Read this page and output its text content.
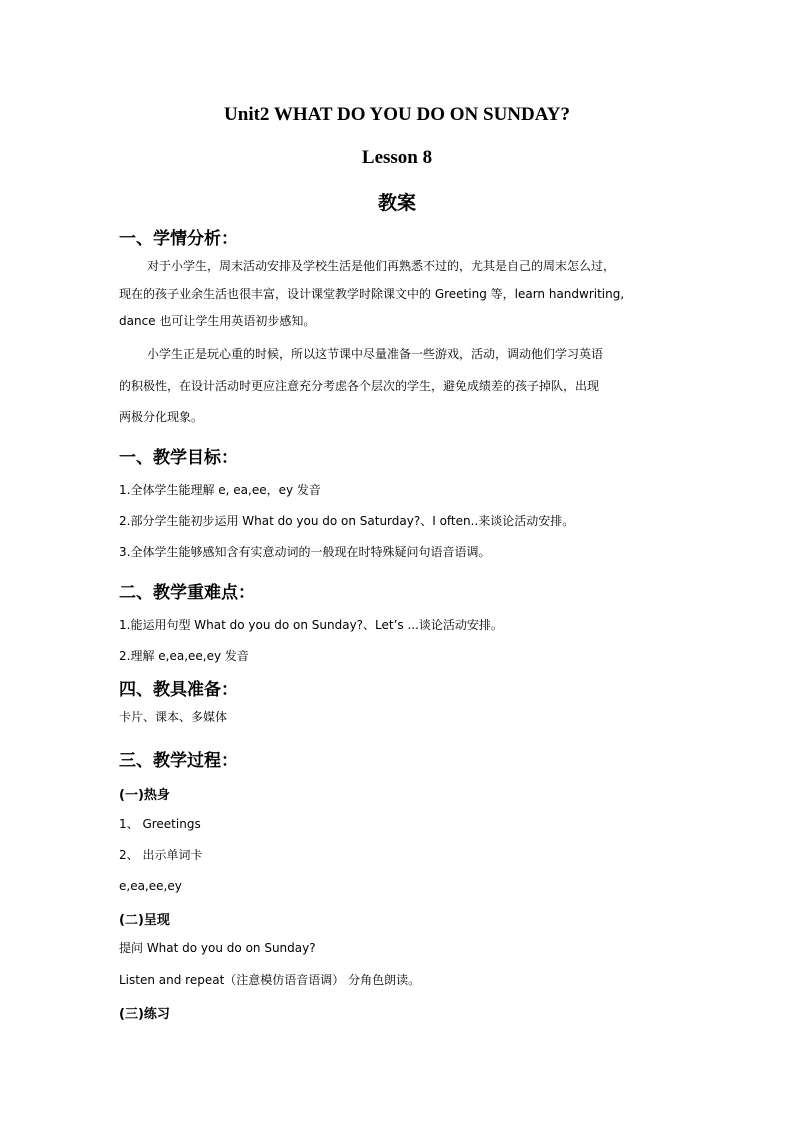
Unit2 WHAT DO YOU DO ON SUNDAY?
Lesson 8
教案
一、学情分析：
对于小学生，周末活动安排及学校生活是他们再熟悉不过的，尤其是自己的周末怎么过，
现在的孩子业余生活也很丰富，设计课堂教学时除课文中的 Greeting 等，learn handwriting,
dance 也可让学生用英语初步感知。
小学生正是玩心重的时候，所以这节课中尽量准备一些游戏，活动，调动他们学习英语
的积极性，在设计活动时更应注意充分考虑各个层次的学生，避免成绩差的孩子掉队，出现
两极分化现象。
一、教学目标：
1.全体学生能理解 e, ea,ee，ey 发音
2.部分学生能初步运用 What do you do on Saturday?、I often..来谈论活动安排。
3.全体学生能够感知含有实意动词的一般现在时特殊疑问句语音语调。
二、教学重难点：
1.能运用句型 What do you do on Sunday?、Let’s ...谈论活动安排。
2.理解 e,ea,ee,ey 发音
四、教具准备：
卡片、课本、多媒体
三、教学过程：
(一)热身
1、 Greetings
2、 出示单词卡
e,ea,ee,ey
(二)呈现
提问 What do you do on Sunday?
Listen and repeat（注意模仿语音语调） 分角色朗读。
(三)练习
